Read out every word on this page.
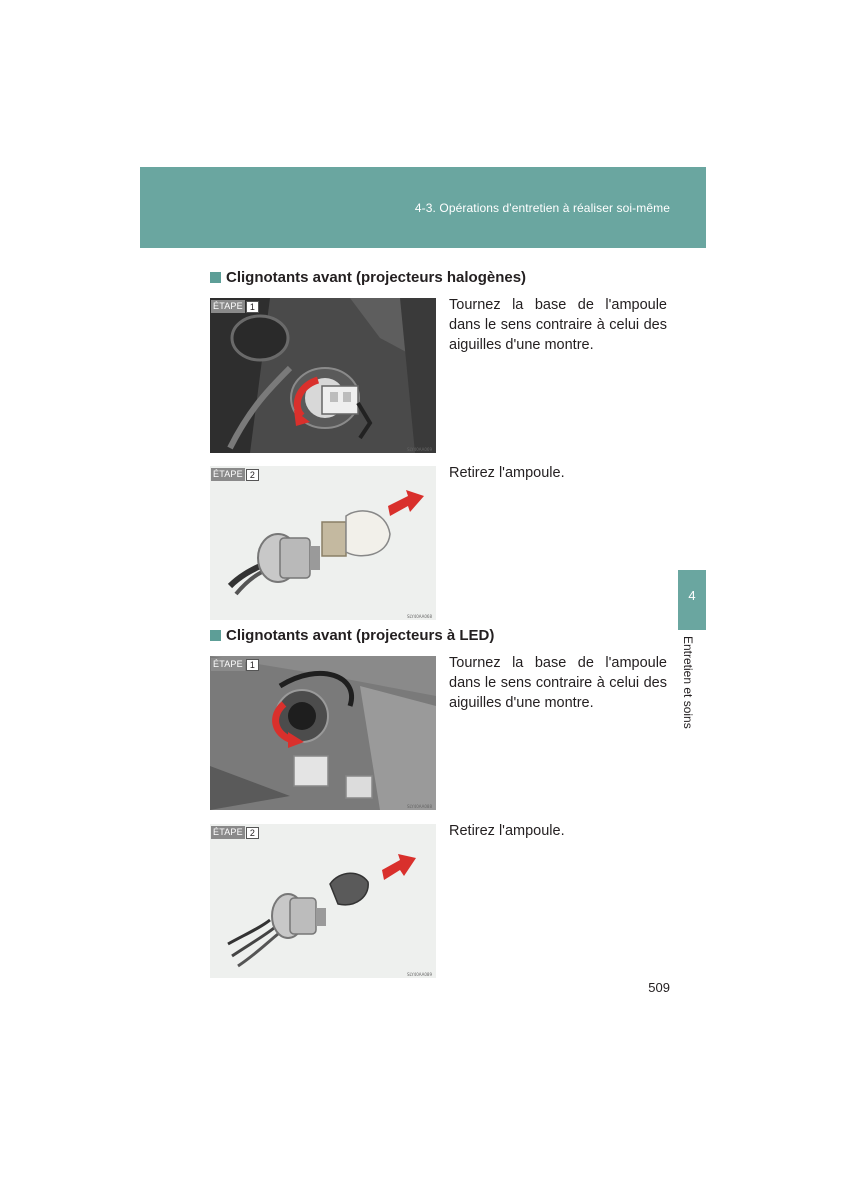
4-3. Opérations d'entretien à réaliser soi-même
Clignotants avant (projecteurs halogènes)
ÉTAPE 1
SLY40AA069
Tournez la base de l'ampoule dans le sens contraire à celui des aiguilles d'une montre.
ÉTAPE 2
SLY40AA068
Retirez l'ampoule.
Clignotants avant (projecteurs à LED)
ÉTAPE 1
SLY40AA088
Tournez la base de l'ampoule dans le sens contraire à celui des aiguilles d'une montre.
ÉTAPE 2
SLY40AA089
Retirez l'ampoule.
4
Entretien et soins
509
